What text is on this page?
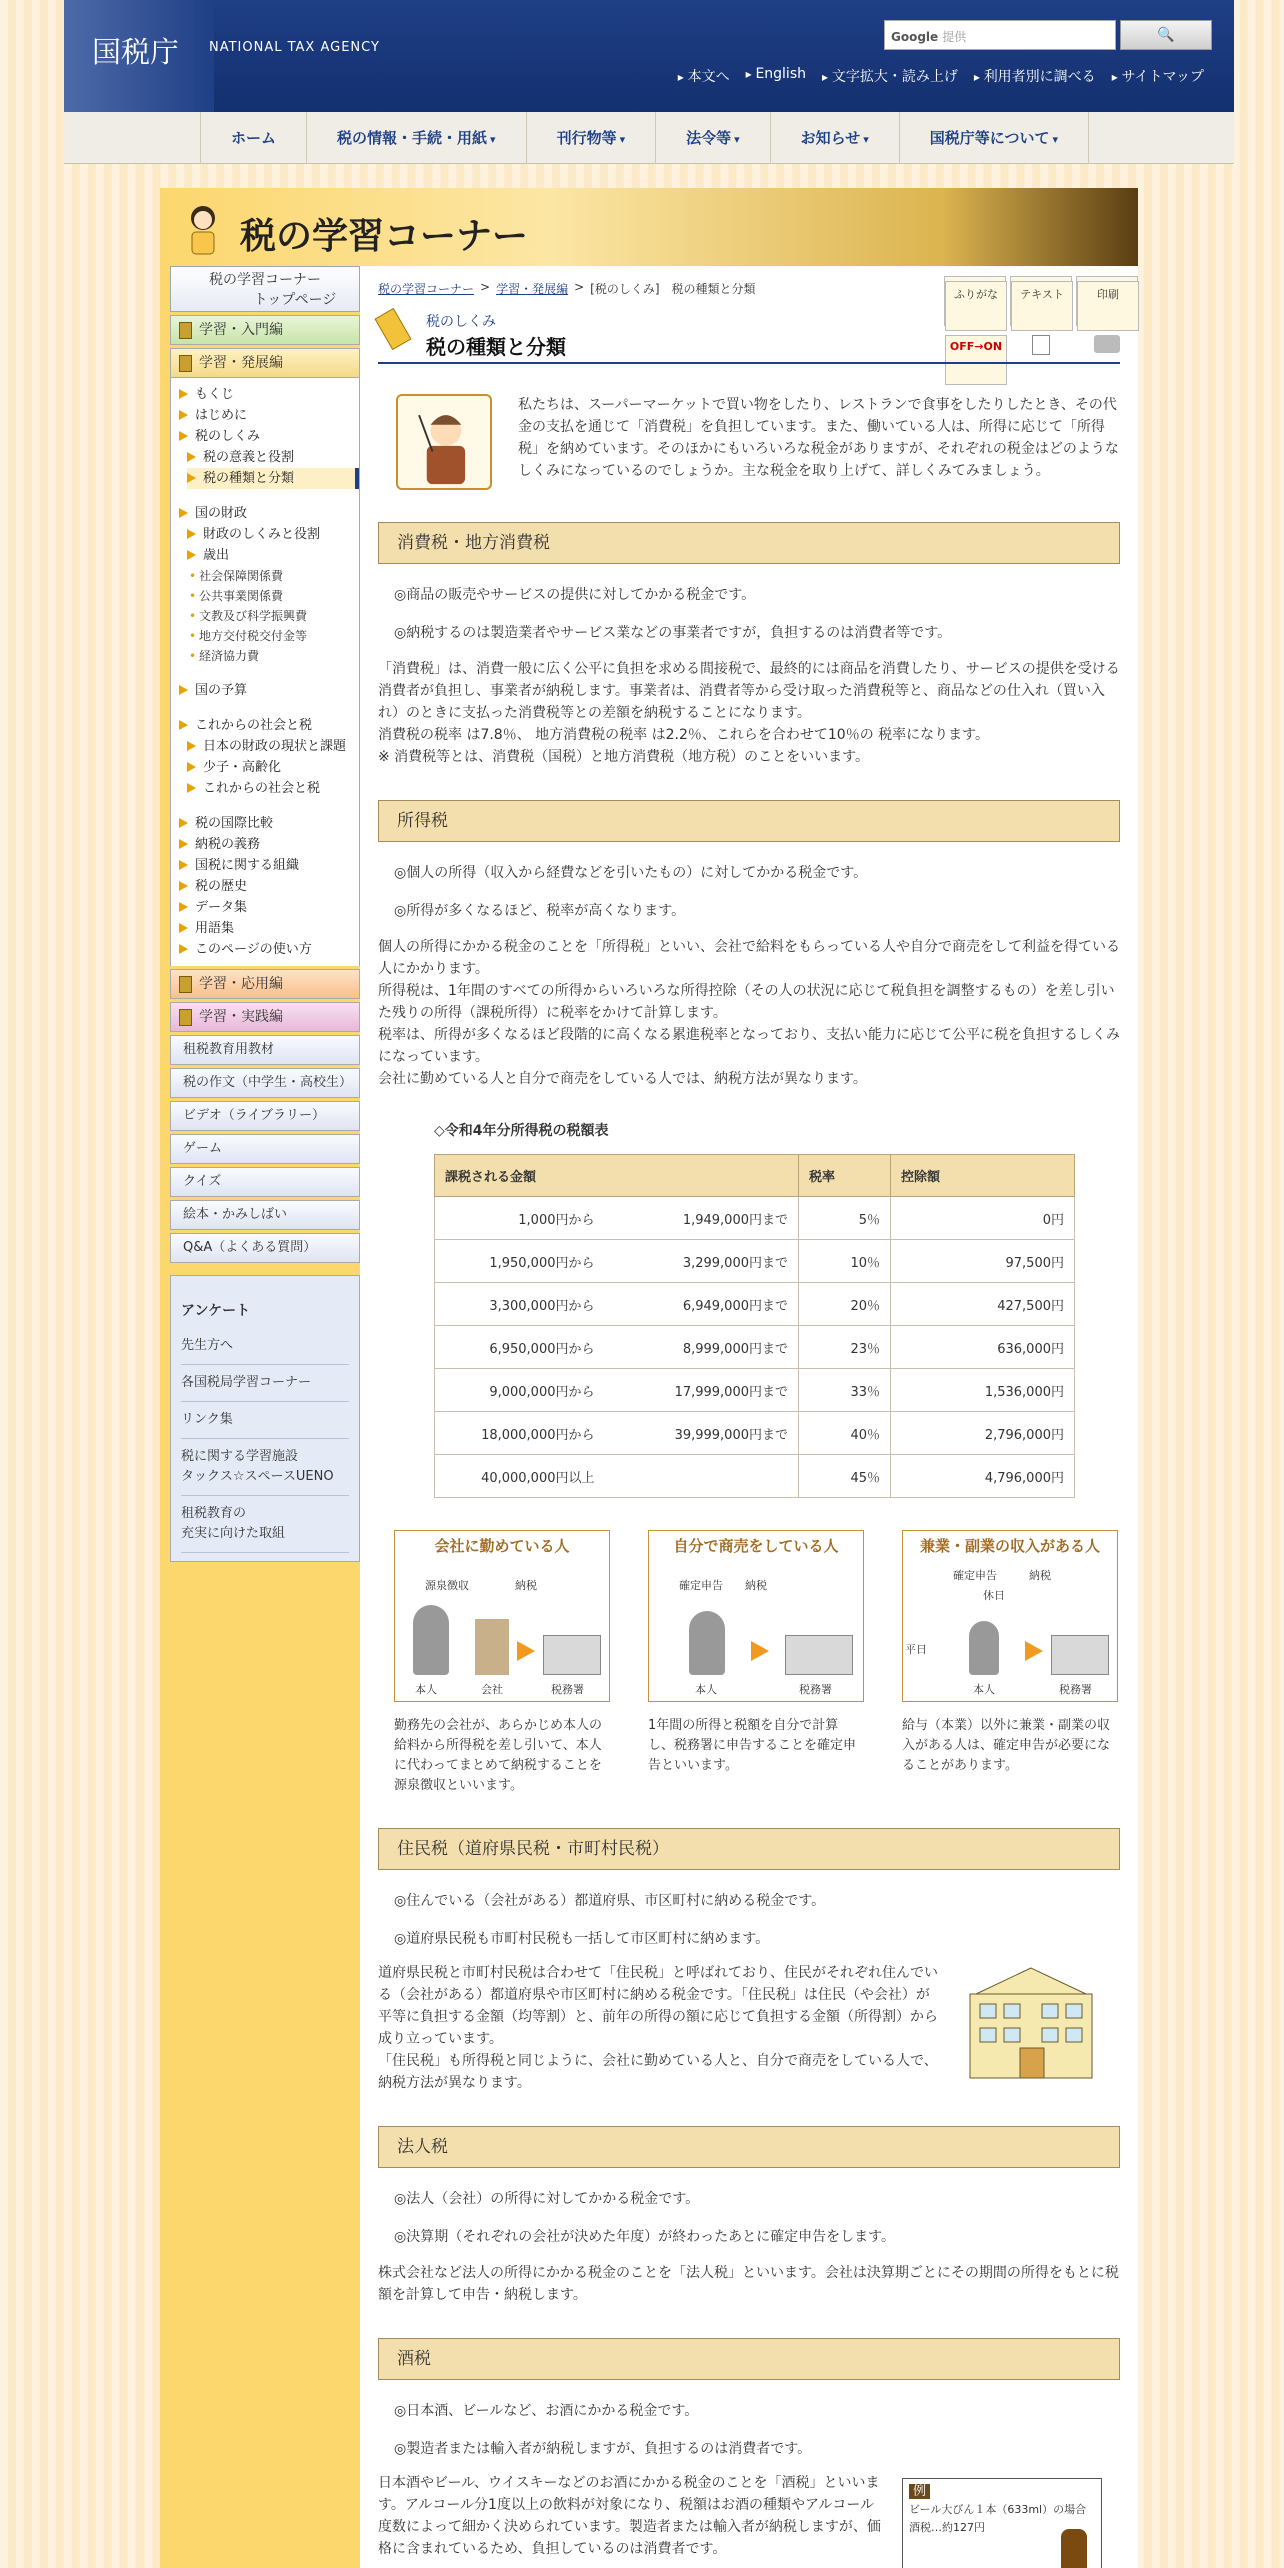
国税庁 NATIONAL TAX AGENCY
Google 提供	🔍
▸ 本文へ	▸ English	▸ 文字拡大・読み上げ	▸ 利用者別に調べる	▸ サイトマップ
ホーム	税の情報・手続・用紙 ▾	刊行物等 ▾	法令等 ▾	お知らせ ▾	国税庁等について ▾
税の学習コーナー
税の学習コーナー
トップページ
学習・入門編
学習・発展編
もくじ
はじめに
税のしくみ
税の意義と役割
税の種類と分類
国の財政
財政のしくみと役割
歳出
• 社会保障関係費
• 公共事業関係費
• 文教及び科学振興費
• 地方交付税交付金等
• 経済協力費
国の予算
これからの社会と税
日本の財政の現状と課題
少子・高齢化
これからの社会と税
税の国際比較
納税の義務
国税に関する組織
税の歴史
データ集
用語集
このページの使い方
学習・応用編
学習・実践編
租税教育用教材
税の作文（中学生・高校生）
ビデオ（ライブラリー）
ゲーム
クイズ
絵本・かみしばい
Q&A（よくある質問）
アンケート
先生方へ
各国税局学習コーナー
リンク集
税に関する学習施設
タックス☆スペースUENO
租税教育の
充実に向けた取組
税の学習コーナー > 学習・発展編 > [税のしくみ]　税の種類と分類	ふりがな
OFF→ON
テキスト	印刷
税のしくみ
税の種類と分類

私たちは、スーパーマーケットで買い物をしたり、レストランで食事をしたりしたとき、その代金の支払を通じて「消費税」を負担しています。また、働いている人は、所得に応じて「所得税」を納めています。そのほかにもいろいろな税金がありますが、それぞれの税金はどのようなしくみになっているのでしょうか。主な税金を取り上げて、詳しくみてみましょう。

消費税・地方消費税
◎商品の販売やサービスの提供に対してかかる税金です。
◎納税するのは製造業者やサービス業などの事業者ですが，負担するのは消費者等です。
「消費税」は、消費一般に広く公平に負担を求める間接税で、最終的には商品を消費したり、サービスの提供を受ける消費者が負担し、事業者が納税します。事業者は、消費者等から受け取った消費税等と、商品などの仕入れ（買い入れ）のときに支払った消費税等との差額を納税することになります。
消費税の税率 は7.8％、 地方消費税の税率 は2.2％、これらを合わせて10％の 税率になります。
※ 消費税等とは、消費税（国税）と地方消費税（地方税）のことをいいます。
所得税
◎個人の所得（収入から経費などを引いたもの）に対してかかる税金です。
◎所得が多くなるほど、税率が高くなります。
個人の所得にかかる税金のことを「所得税」といい、会社で給料をもらっている人や自分で商売をして利益を得ている人にかかります。
所得税は、1年間のすべての所得からいろいろな所得控除（その人の状況に応じて税負担を調整するもの）を差し引いた残りの所得（課税所得）に税率をかけて計算します。
税率は、所得が多くなるほど段階的に高くなる累進税率となっており、支払い能力に応じて公平に税を負担するしくみになっています。
会社に勤めている人と自分で商売をしている人では、納税方法が異なります。
◇令和4年分所得税の税額表
課税される金額		税率	控除額
1,000円から	1,949,000円まで	5％	0円
1,950,000円から	3,299,000円まで	10％	97,500円
3,300,000円から	6,949,000円まで	20％	427,500円
6,950,000円から	8,999,000円まで	23％	636,000円
9,000,000円から	17,999,000円まで	33％	1,536,000円
18,000,000円から	39,999,000円まで	40％	2,796,000円
40,000,000円以上		45％	4,796,000円
会社に勤めている人
源泉徴収	納税
本人	会社	税務署

勤務先の会社が、あらかじめ本人の給料から所得税を差し引いて、本人に代わってまとめて納税することを源泉徴収といいます。

自分で商売をしている人
確定申告 納税
本人	税務署

1年間の所得と税額を自分で計算し、税務署に申告することを確定申告といいます。

兼業・副業の収入がある人
確定申告	納税
休日
平日
本人	税務署

給与（本業）以外に兼業・副業の収入がある人は、確定申告が必要になることがあります。

住民税（道府県民税・市町村民税）
◎住んでいる（会社がある）都道府県、市区町村に納める税金です。
◎道府県民税も市町村民税も一括して市区町村に納めます。
道府県民税と市町村民税は合わせて「住民税」と呼ばれており、住民がそれぞれ住んでいる（会社がある）都道府県や市区町村に納める税金です。「住民税」は住民（や会社）が平等に負担する金額（均等割）と、前年の所得の額に応じて負担する金額（所得割）から成り立っています。
「住民税」も所得税と同じように、会社に勤めている人と、自分で商売をしている人で、納税方法が異なります。
法人税
◎法人（会社）の所得に対してかかる税金です。
◎決算期（それぞれの会社が決めた年度）が終わったあとに確定申告をします。
株式会社など法人の所得にかかる税金のことを「法人税」といいます。会社は決算期ごとにその期間の所得をもとに税額を計算して申告・納税します。
酒税
◎日本酒、ビールなど、お酒にかかる税金です。
◎製造者または輸入者が納税しますが、負担するのは消費者です。
日本酒やビール、ウイスキーなどのお酒にかかる税金のことを「酒税」といいます。アルコール分1度以上の飲料が対象になり、税額はお酒の種類やアルコール度数によって細かく決められています。製造者または輸入者が納税しますが、価格に含まれているため、負担しているのは消費者です。
例
ビール大びん１本（633ml）の場合
酒税…約127円
